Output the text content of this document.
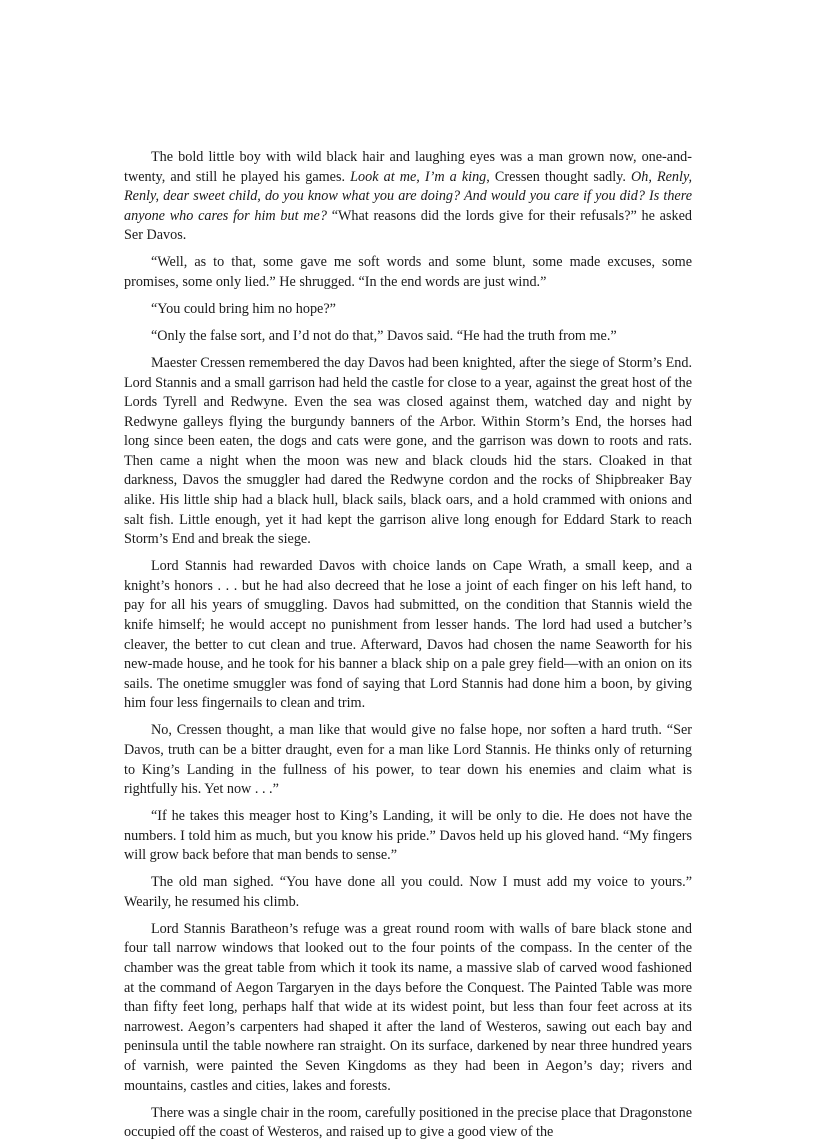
The bold little boy with wild black hair and laughing eyes was a man grown now, one-and-twenty, and still he played his games. Look at me, I’m a king, Cressen thought sadly. Oh, Renly, Renly, dear sweet child, do you know what you are doing? And would you care if you did? Is there anyone who cares for him but me? “What reasons did the lords give for their refusals?” he asked Ser Davos.

“Well, as to that, some gave me soft words and some blunt, some made excuses, some promises, some only lied.” He shrugged. “In the end words are just wind.”

“You could bring him no hope?”

“Only the false sort, and I’d not do that,” Davos said. “He had the truth from me.”

Maester Cressen remembered the day Davos had been knighted, after the siege of Storm’s End. Lord Stannis and a small garrison had held the castle for close to a year, against the great host of the Lords Tyrell and Redwyne. Even the sea was closed against them, watched day and night by Redwyne galleys flying the burgundy banners of the Arbor. Within Storm’s End, the horses had long since been eaten, the dogs and cats were gone, and the garrison was down to roots and rats. Then came a night when the moon was new and black clouds hid the stars. Cloaked in that darkness, Davos the smuggler had dared the Redwyne cordon and the rocks of Shipbreaker Bay alike. His little ship had a black hull, black sails, black oars, and a hold crammed with onions and salt fish. Little enough, yet it had kept the garrison alive long enough for Eddard Stark to reach Storm’s End and break the siege.

Lord Stannis had rewarded Davos with choice lands on Cape Wrath, a small keep, and a knight’s honors . . . but he had also decreed that he lose a joint of each finger on his left hand, to pay for all his years of smuggling. Davos had submitted, on the condition that Stannis wield the knife himself; he would accept no punishment from lesser hands. The lord had used a butcher’s cleaver, the better to cut clean and true. Afterward, Davos had chosen the name Seaworth for his new-made house, and he took for his banner a black ship on a pale grey field—with an onion on its sails. The onetime smuggler was fond of saying that Lord Stannis had done him a boon, by giving him four less fingernails to clean and trim.

No, Cressen thought, a man like that would give no false hope, nor soften a hard truth. “Ser Davos, truth can be a bitter draught, even for a man like Lord Stannis. He thinks only of returning to King’s Landing in the fullness of his power, to tear down his enemies and claim what is rightfully his. Yet now . . .”

“If he takes this meager host to King’s Landing, it will be only to die. He does not have the numbers. I told him as much, but you know his pride.” Davos held up his gloved hand. “My fingers will grow back before that man bends to sense.”

The old man sighed. “You have done all you could. Now I must add my voice to yours.” Wearily, he resumed his climb.

Lord Stannis Baratheon’s refuge was a great round room with walls of bare black stone and four tall narrow windows that looked out to the four points of the compass. In the center of the chamber was the great table from which it took its name, a massive slab of carved wood fashioned at the command of Aegon Targaryen in the days before the Conquest. The Painted Table was more than fifty feet long, perhaps half that wide at its widest point, but less than four feet across at its narrowest. Aegon’s carpenters had shaped it after the land of Westeros, sawing out each bay and peninsula until the table nowhere ran straight. On its surface, darkened by near three hundred years of varnish, were painted the Seven Kingdoms as they had been in Aegon’s day; rivers and mountains, castles and cities, lakes and forests.

There was a single chair in the room, carefully positioned in the precise place that Dragonstone occupied off the coast of Westeros, and raised up to give a good view of the
